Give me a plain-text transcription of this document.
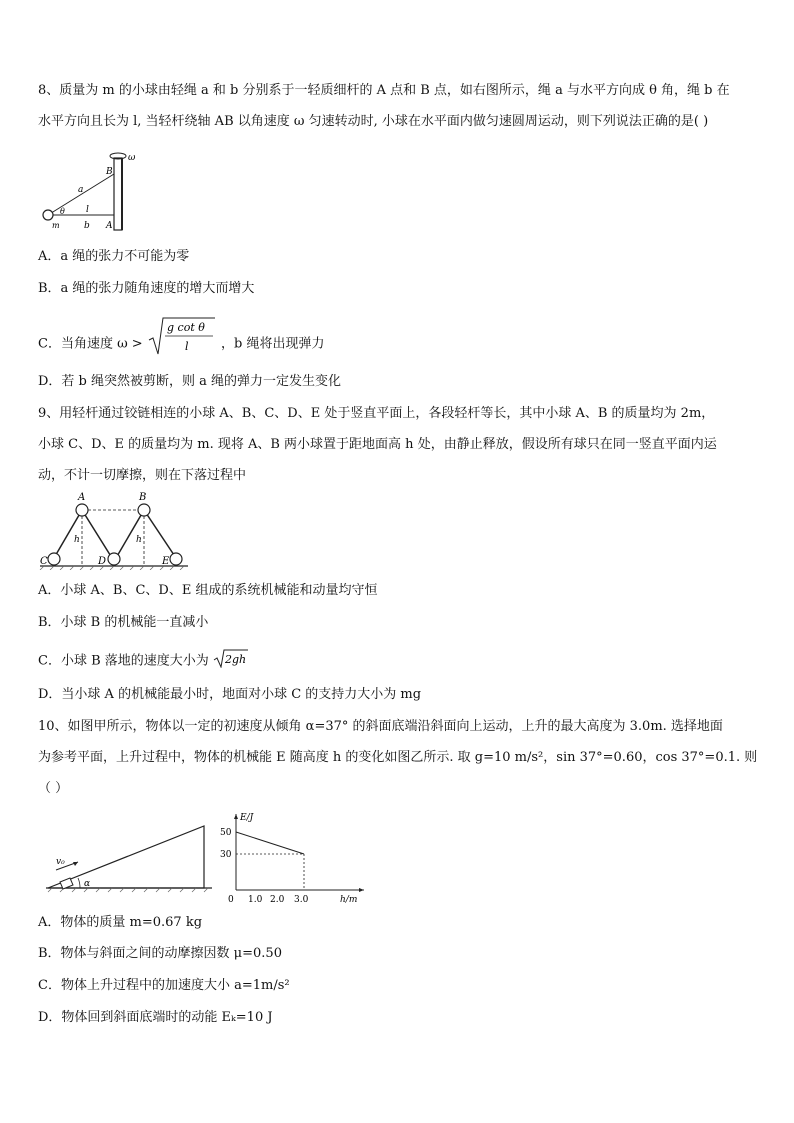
8、质量为 m 的小球由轻绳 a 和 b 分别系于一轻质细杆的 A 点和 B 点，如右图所示，绳 a 与水平方向成 θ 角，绳 b 在
水平方向且长为 l, 当轻杆绕轴 AB 以角速度 ω 匀速转动时, 小球在水平面内做匀速圆周运动，则下列说法正确的是( )
ω
B
A
a
θ l
m	b
A．a 绳的张力不可能为零
B．a 绳的张力随角速度的增大而增大
C．当角速度 ω >
g cot θ
l	，b 绳将出现弹力
D．若 b 绳突然被剪断，则 a 绳的弹力一定发生变化
9、用轻杆通过铰链相连的小球 A、B、C、D、E 处于竖直平面上，各段轻杆等长，其中小球 A、B 的质量均为 2m，
小球 C、D、E 的质量均为 m. 现将 A、B 两小球置于距地面高 h 处，由静止释放，假设所有球只在同一竖直平面内运
动，不计一切摩擦，则在下落过程中
A	B
C	D	E
h	h
A．小球 A、B、C、D、E 组成的系统机械能和动量均守恒
B．小球 B 的机械能一直减小
C．小球 B 落地的速度大小为 2gh
D．当小球 A 的机械能最小时，地面对小球 C 的支持力大小为 mg
10、如图甲所示，物体以一定的初速度从倾角 α=37° 的斜面底端沿斜面向上运动，上升的最大高度为 3.0m. 选择地面
为参考平面，上升过程中，物体的机械能 E 随高度 h 的变化如图乙所示. 取 g=10 m/s²，sin 37°=0.60，cos 37°=0.1. 则
（ ）
v₀
α
E/J
50
30
0 1.0 2.0 3.0	h/m
A．物体的质量 m=0.67 kg
B．物体与斜面之间的动摩擦因数 μ=0.50
C．物体上升过程中的加速度大小 a=1m/s²
D．物体回到斜面底端时的动能 Eₖ=10 J
